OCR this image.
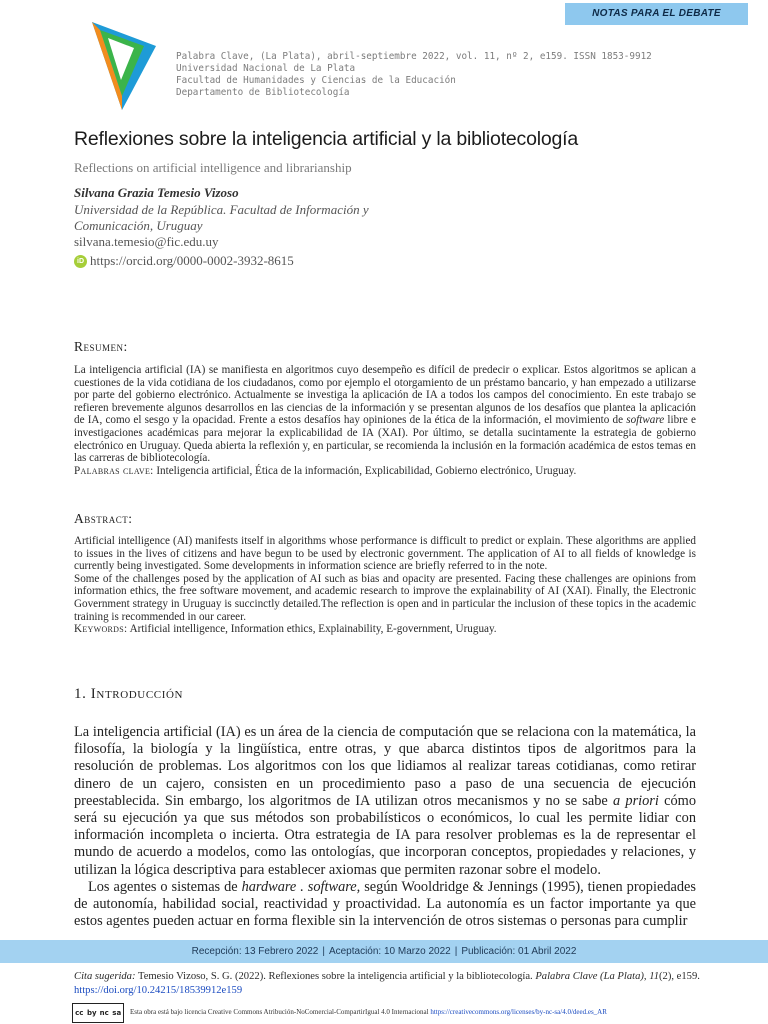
NOTAS PARA EL DEBATE
Palabra Clave, (La Plata), abril-septiembre 2022, vol. 11, nº 2, e159. ISSN 1853-9912
Universidad Nacional de La Plata
Facultad de Humanidades y Ciencias de la Educación
Departamento de Bibliotecología
Reflexiones sobre la inteligencia artificial y la bibliotecología
Reflections on artificial intelligence and librarianship
Silvana Grazia Temesio Vizoso
Universidad de la República. Facultad de Información y
Comunicación, Uruguay
silvana.temesio@fic.edu.uy
iD https://orcid.org/0000-0002-3932-8615
Resumen:

La inteligencia artificial (IA) se manifiesta en algoritmos cuyo desempeño es difícil de predecir o explicar. Estos algoritmos se aplican a cuestiones de la vida cotidiana de los ciudadanos, como por ejemplo el otorgamiento de un préstamo bancario, y han empezado a utilizarse por parte del gobierno electrónico. Actualmente se investiga la aplicación de IA a todos los campos del conocimiento. En este trabajo se refieren brevemente algunos desarrollos en las ciencias de la información y se presentan algunos de los desafíos que plantea la aplicación de IA, como el sesgo y la opacidad. Frente a estos desafíos hay opiniones de la ética de la información, el movimiento de software libre e investigaciones académicas para mejorar la explicabilidad de IA (XAI). Por último, se detalla sucintamente la estrategia de gobierno electrónico en Uruguay. Queda abierta la reflexión y, en particular, se recomienda la inclusión en la formación académica de estos temas en las carreras de bibliotecología.

Palabras clave: Inteligencia artificial, Ética de la información, Explicabilidad, Gobierno electrónico, Uruguay.

Abstract:

Artificial intelligence (AI) manifests itself in algorithms whose performance is difficult to predict or explain. These algorithms are applied to issues in the lives of citizens and have begun to be used by electronic government. The application of AI to all fields of knowledge is currently being investigated. Some developments in information science are briefly referred to in the note.

Some of the challenges posed by the application of AI such as bias and opacity are presented. Facing these challenges are opinions from information ethics, the free software movement, and academic research to improve the explainability of AI (XAI). Finally, the Electronic Government strategy in Uruguay is succinctly detailed.The reflection is open and in particular the inclusion of these topics in the academic training is recommended in our career.

Keywords: Artificial intelligence, Information ethics, Explainability, E-government, Uruguay.

1. Introducción

La inteligencia artificial (IA) es un área de la ciencia de computación que se relaciona con la matemática, la filosofía, la biología y la lingüística, entre otras, y que abarca distintos tipos de algoritmos para la resolución de problemas. Los algoritmos con los que lidiamos al realizar tareas cotidianas, como retirar dinero de un cajero, consisten en un procedimiento paso a paso de una secuencia de ejecución preestablecida. Sin embargo, los algoritmos de IA utilizan otros mecanismos y no se sabe a priori cómo será su ejecución ya que sus métodos son probabilísticos o económicos, lo cual les permite lidiar con información incompleta o incierta. Otra estrategia de IA para resolver problemas es la de representar el mundo de acuerdo a modelos, como las ontologías, que incorporan conceptos, propiedades y relaciones, y utilizan la lógica descriptiva para establecer axiomas que permiten razonar sobre el modelo.

Los agentes o sistemas de hardware . software, según Wooldridge & Jennings (1995), tienen propiedades de autonomía, habilidad social, reactividad y proactividad. La autonomía es un factor importante ya que estos agentes pueden actuar en forma flexible sin la intervención de otros sistemas o personas para cumplir

Recepción: 13 Febrero 2022 | Aceptación: 10 Marzo 2022 | Publicación: 01 Abril 2022
Cita sugerida: Temesio Vizoso, S. G. (2022). Reflexiones sobre la inteligencia artificial y la bibliotecología. Palabra Clave (La Plata), 11(2), e159. https://doi.org/10.24215/18539912e159
cc by nc sa Esta obra está bajo licencia Creative Commons Atribución-NoComercial-CompartirIgual 4.0 Internacional https://creativecommons.org/licenses/by-nc-sa/4.0/deed.es_AR
